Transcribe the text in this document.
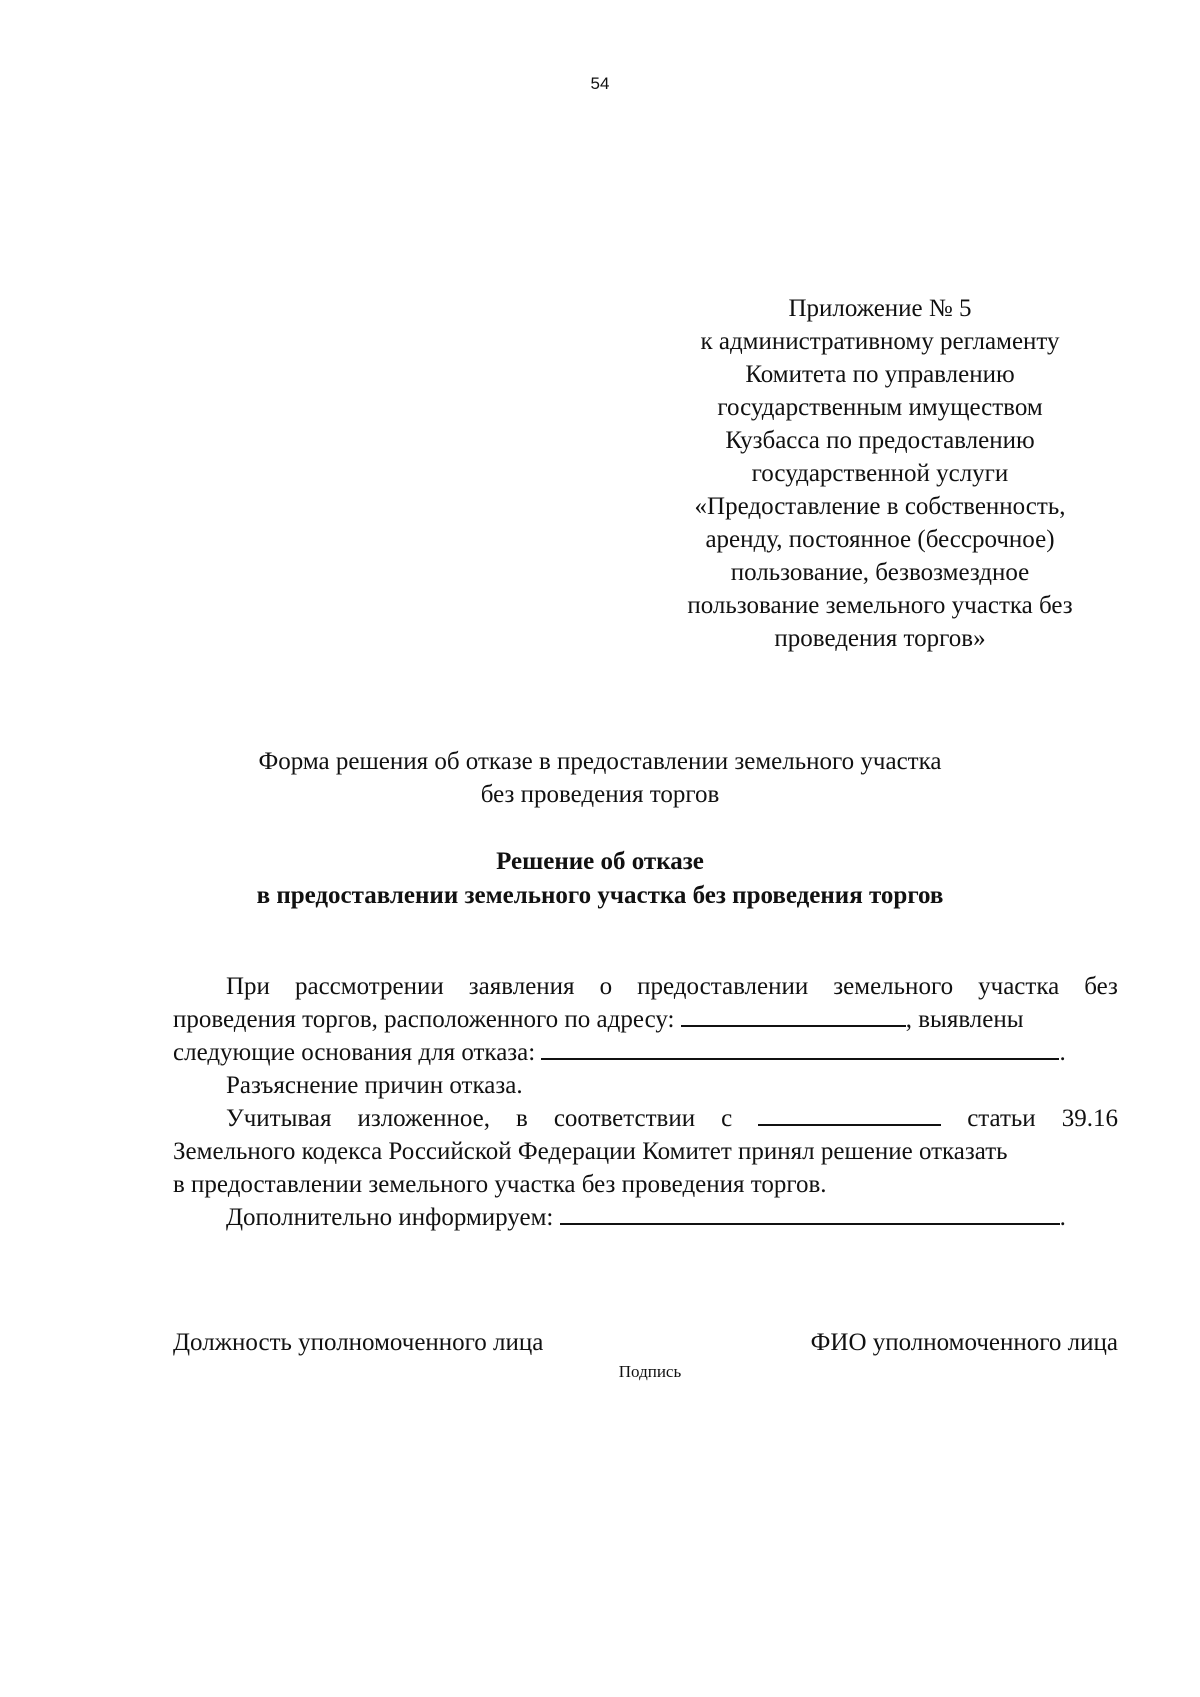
54
Приложение № 5
к административному регламенту
Комитета по управлению
государственным имуществом
Кузбасса по предоставлению
государственной услуги
«Предоставление в собственность,
аренду, постоянное (бессрочное)
пользование, безвозмездное
пользование земельного участка без
проведения торгов»
Форма решения об отказе в предоставлении земельного участка
без проведения торгов
Решение об отказе
в предоставлении земельного участка без проведения торгов
При рассмотрении заявления о предоставлении земельного участка без
проведения торгов, расположенного по адресу:	, выявлены
следующие основания для отказа:	.
Разъяснение причин отказа.
Учитывая изложенное, в соответствии с	статьи 39.16
Земельного кодекса Российской Федерации Комитет принял решение отказать
в предоставлении земельного участка без проведения торгов.
Дополнительно информируем:	.
Должность уполномоченного лица	ФИО уполномоченного лица
Подпись
